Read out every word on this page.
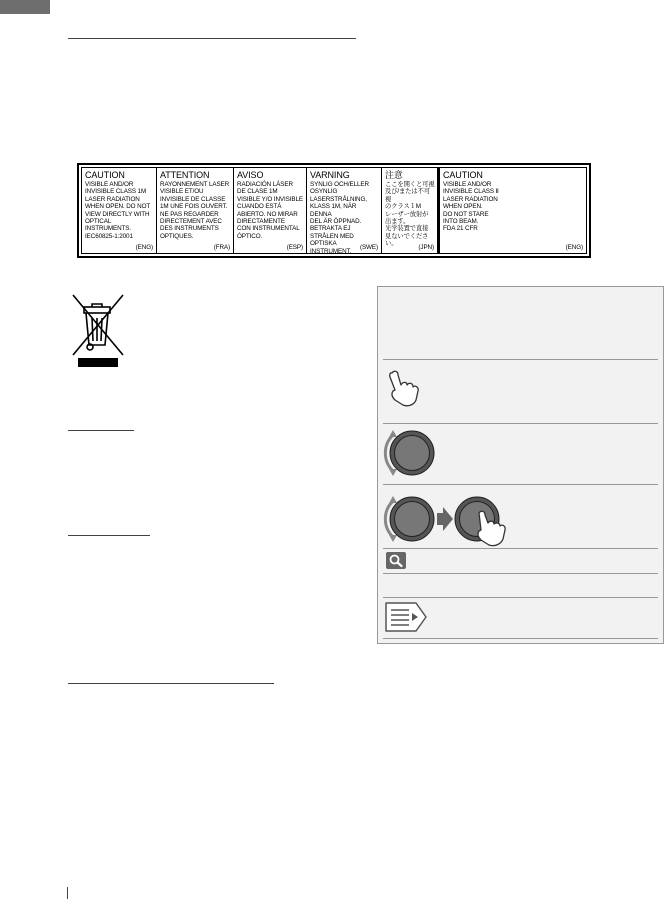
CAUTION
VISIBLE AND/OR
INVISIBLE CLASS 1M
LASER RADIATION
WHEN OPEN. DO NOT
VIEW DIRECTLY WITH
OPTICAL INSTRUMENTS.
IEC60825-1:2001
(ENG)
ATTENTION
RAYONNEMENT LASER
VISIBLE ET/OU
INVISIBLE DE CLASSE
1M UNE FOIS OUVERT.
NE PAS REGARDER
DIRECTEMENT AVEC
DES INSTRUMENTS
OPTIQUES.
(FRA)
AVISO
RADIACIÓN LÁSER
DE CLASE 1M
VISIBLE Y/O INVISIBLE
CUANDO ESTÁ
ABIERTO. NO MIRAR
DIRECTAMENTE
CON INSTRUMENTAL
ÓPTICO.
(ESP)
VARNING
SYNLIG OCH/ELLER
OSYNLIG
LASERSTRÅLNING,
KLASS 1M, NÄR DENNA
DEL ÄR ÖPPNAD.
BETRAKTA EJ
STRÅLEN MED OPTISKA
INSTRUMENT.
(SWE)
注意
ここを開くと可視
及び/または不可視
のクラス１M
レーザー放射が
出ます。
光学装置で直接
見ないでください。	(JPN)
CAUTION
VISIBLE AND/OR
INVISIBLE CLASS Ⅱ
LASER RADIATION
WHEN OPEN.
DO NOT STARE
INTO BEAM.
FDA 21 CFR
(ENG)
